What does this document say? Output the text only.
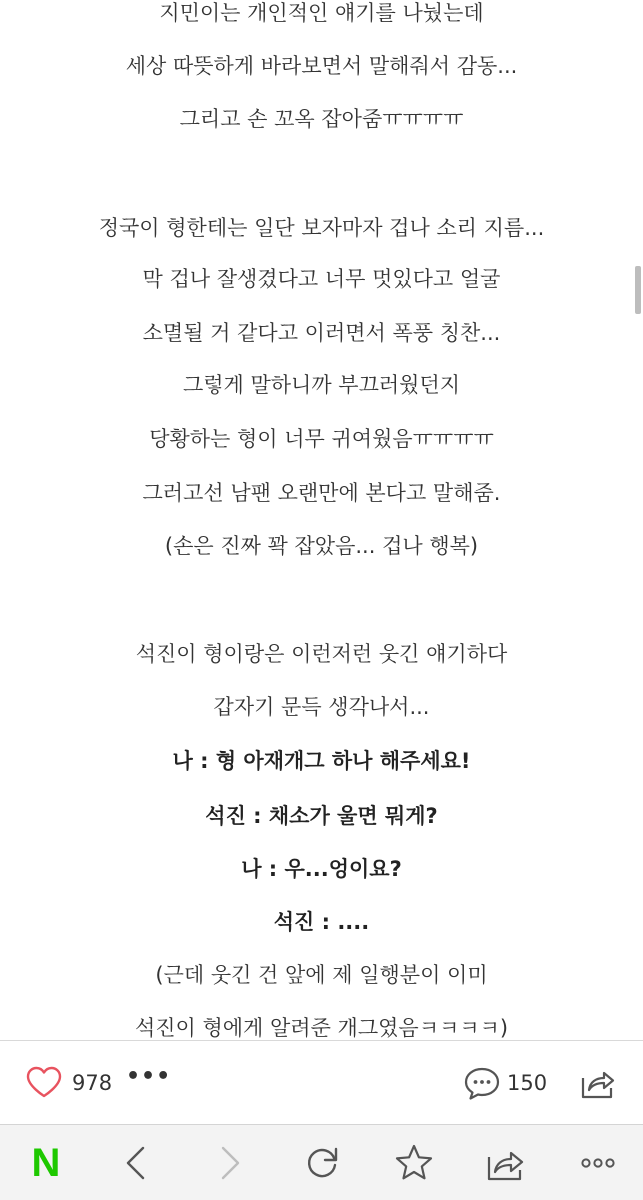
지민이는 개인적인 얘기를 나눴는데
세상 따뜻하게 바라보면서 말해줘서 감동...
그리고 손 꼬옥 잡아줌ㅠㅠㅠㅠ
정국이 형한테는 일단 보자마자 겁나 소리 지름...
막 겁나 잘생겼다고 너무 멋있다고 얼굴
소멸될 거 같다고 이러면서 폭풍 칭찬...
그렇게 말하니까 부끄러웠던지
당황하는 형이 너무 귀여웠음ㅠㅠㅠㅠ
그러고선 남팬 오랜만에 본다고 말해줌.
(손은 진짜 꽉 잡았음... 겁나 행복)
석진이 형이랑은 이런저런 웃긴 얘기하다
갑자기 문득 생각나서...
나 : 형 아재개그 하나 해주세요!
석진 : 채소가 울면 뭐게?
나 : 우...엉이요?
석진 : ....
(근데 웃긴 건 앞에 제 일행분이 이미
석진이 형에게 알려준 개그였음ㅋㅋㅋㅋ)
978 •••	150
N
